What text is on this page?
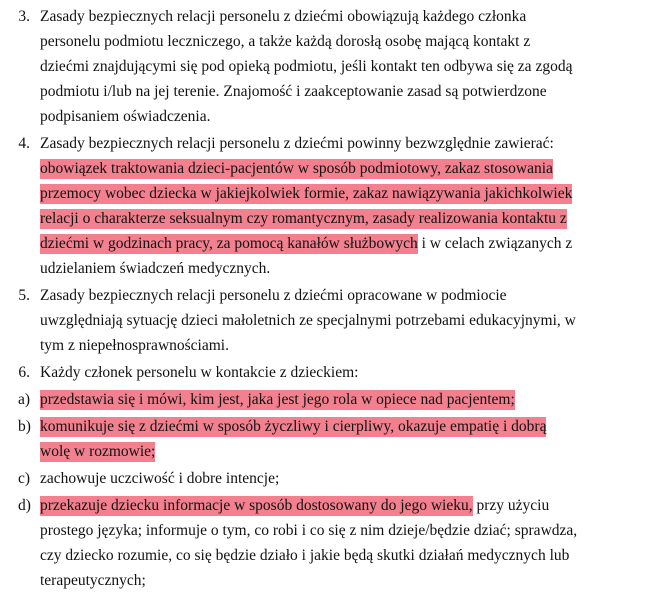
3. Zasady bezpiecznych relacji personelu z dziećmi obowiązują każdego członka
personelu podmiotu leczniczego, a także każdą dorosłą osobę mającą kontakt z
dziećmi znajdującymi się pod opieką podmiotu, jeśli kontakt ten odbywa się za zgodą
podmiotu i/lub na jej terenie. Znajomość i zaakceptowanie zasad są potwierdzone
podpisaniem oświadczenia.
4. Zasady bezpiecznych relacji personelu z dziećmi powinny bezwzględnie zawierać:
obowiązek traktowania dzieci-pacjentów w sposób podmiotowy, zakaz stosowania
przemocy wobec dziecka w jakiejkolwiek formie, zakaz nawiązywania jakichkolwiek
relacji o charakterze seksualnym czy romantycznym, zasady realizowania kontaktu z
dziećmi w godzinach pracy, za pomocą kanałów służbowych i w celach związanych z
udzielaniem świadczeń medycznych.
5. Zasady bezpiecznych relacji personelu z dziećmi opracowane w podmiocie
uwzględniają sytuację dzieci małoletnich ze specjalnymi potrzebami edukacyjnymi, w
tym z niepełnosprawnościami.
6. Każdy członek personelu w kontakcie z dzieckiem:
a) przedstawia się i mówi, kim jest, jaka jest jego rola w opiece nad pacjentem;
b) komunikuje się z dziećmi w sposób życzliwy i cierpliwy, okazuje empatię i dobrą
wolę w rozmowie;
c) zachowuje uczciwość i dobre intencje;
d) przekazuje dziecku informacje w sposób dostosowany do jego wieku, przy użyciu
prostego języka; informuje o tym, co robi i co się z nim dzieje/będzie dziać; sprawdza,
czy dziecko rozumie, co się będzie działo i jakie będą skutki działań medycznych lub
terapeutycznych;
